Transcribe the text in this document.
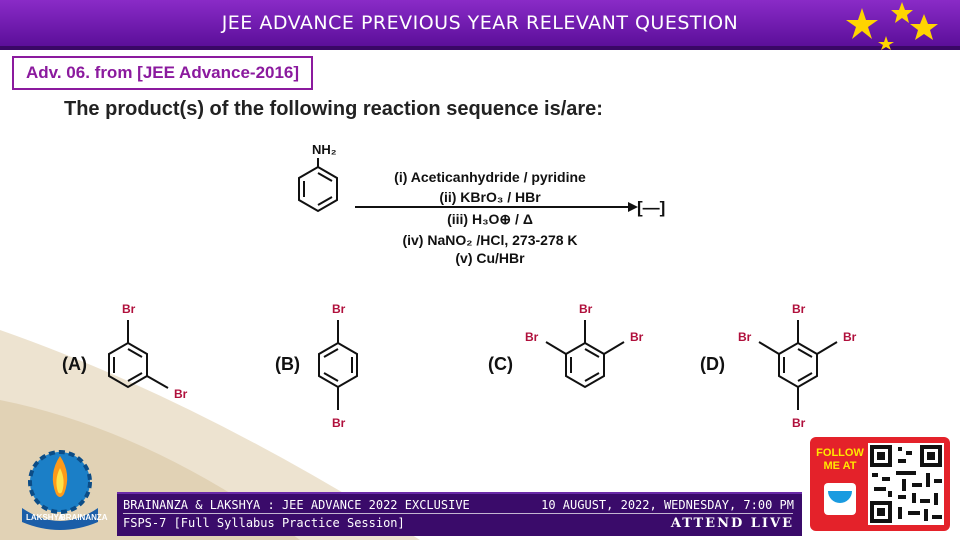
JEE ADVANCE PREVIOUS YEAR RELEVANT QUESTION
Adv. 06. from [JEE Advance-2016]
The product(s) of the following reaction sequence is/are:
NH₂
(i) Aceticanhydride / pyridine
(ii) KBrO₃ / HBr
(iii) H₃O⊕ / Δ
(iv) NaNO₂ /HCl, 273-278 K
(v) Cu/HBr
[—]
Br
Br
Br
Br
Br
Br	Br
Br
Br	Br
Br
(A)	(B)	(C)	(D)
LAKSHYA
BRAINANZA
BRAINANZA & LAKSHYA : JEE ADVANCE 2022 EXCLUSIVE	10 AUGUST, 2022, WEDNESDAY, 7:00 PM
FSPS-7 [Full Syllabus Practice Session]	ATTEND LIVE
FOLLOW ME AT
